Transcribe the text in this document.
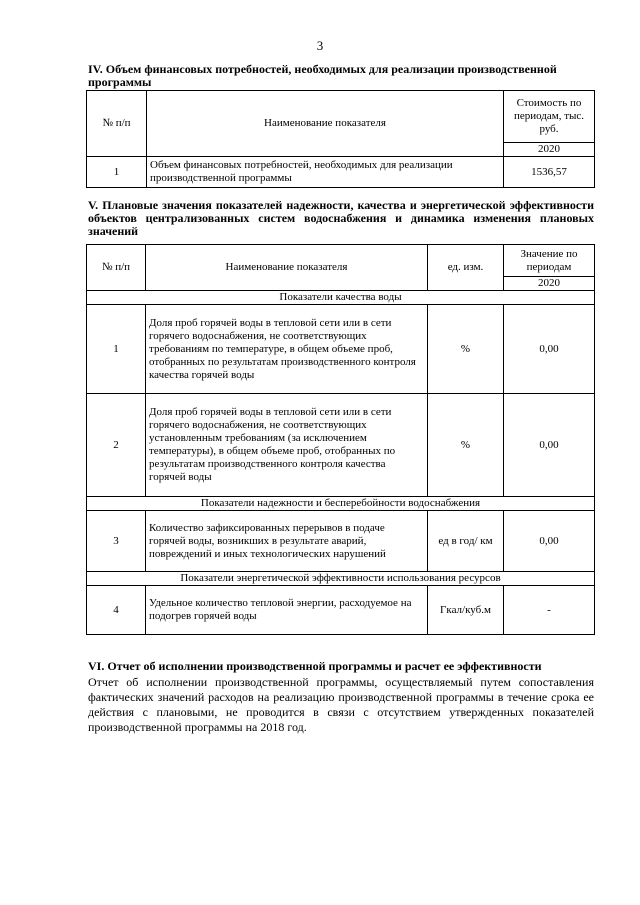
3
IV. Объем финансовых потребностей, необходимых для реализации производственной программы
№ п/п	Наименование показателя	Стоимость по периодам, тыс. руб.
		2020
1	Объем финансовых потребностей, необходимых для реализации производственной программы	1536,57
V. Плановые значения показателей надежности, качества и энергетической эффективности объектов централизованных систем водоснабжения и динамика изменения плановых значений
№ п/п	Наименование показателя	ед. изм.	Значение по периодам
			2020
Показатели качества воды			
1	Доля проб горячей воды в тепловой сети или в сети горячего водоснабжения, не соответствующих требованиям по температуре, в общем объеме проб, отобранных по результатам производственного контроля качества горячей воды	%	0,00
2	Доля проб горячей воды в тепловой сети или в сети горячего водоснабжения, не соответствующих установленным требованиям (за исключением температуры), в общем объеме проб, отобранных по результатам производственного контроля качества горячей воды	%	0,00
Показатели надежности и бесперебойности водоснабжения			
3	Количество зафиксированных перерывов в подаче горячей воды, возникших в результате аварий, повреждений и иных технологических нарушений	ед в год/ км	0,00
Показатели энергетической эффективности использования ресурсов			
4	Удельное количество тепловой энергии, расходуемое на подогрев горячей воды	Гкал/куб.м	-
VI. Отчет об исполнении производственной программы и расчет ее эффективности
Отчет об исполнении производственной программы, осуществляемый путем сопоставления фактических значений расходов на реализацию производственной программы в течение срока ее действия с плановыми, не проводится в связи с отсутствием утвержденных показателей производственной программы на 2018 год.
